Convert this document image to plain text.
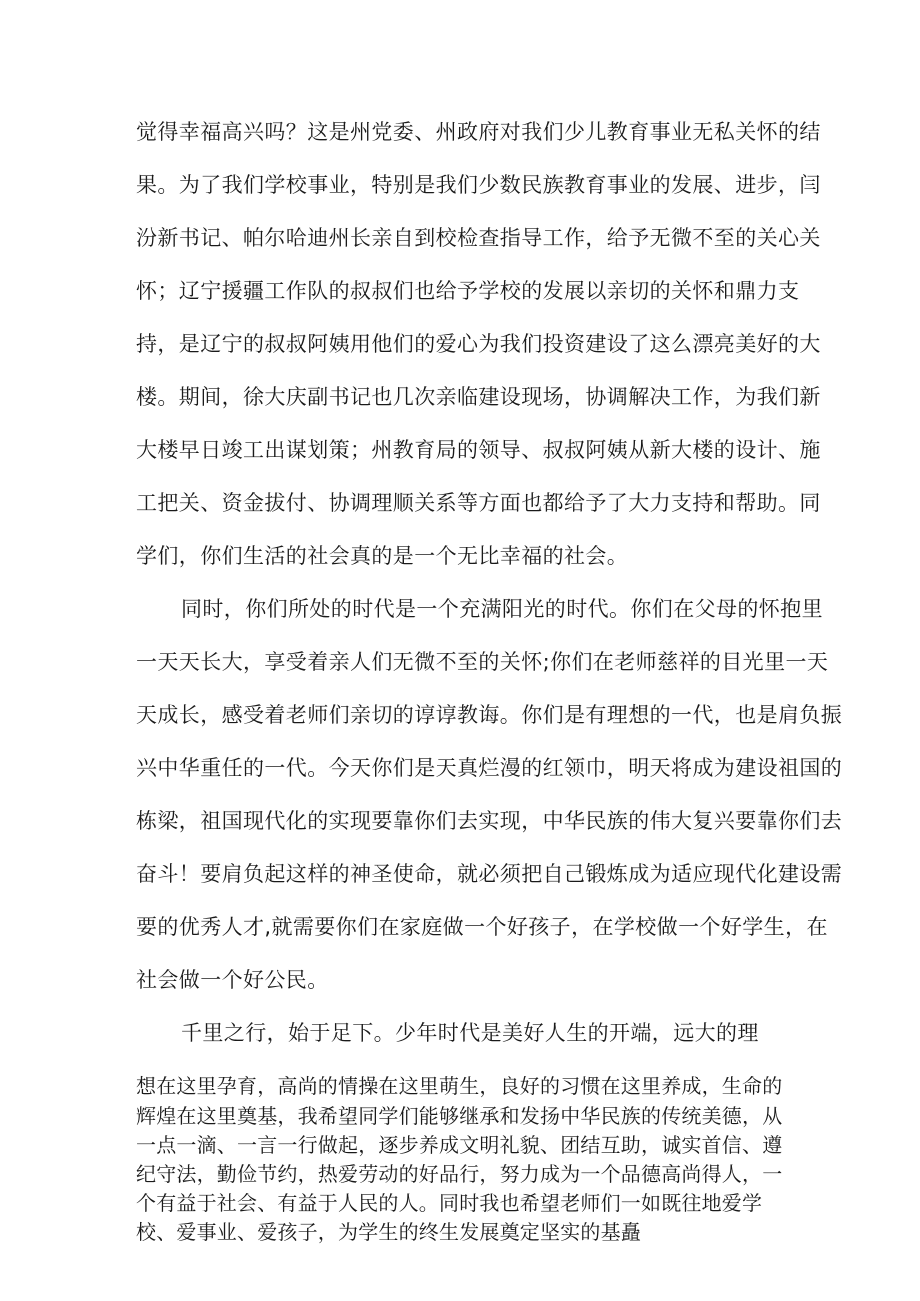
觉得幸福高兴吗？这是州党委、州政府对我们少儿教育事业无私关怀的结
果。为了我们学校事业，特别是我们少数民族教育事业的发展、进步，闫
汾新书记、帕尔哈迪州长亲自到校检查指导工作，给予无微不至的关心关
怀；辽宁援疆工作队的叔叔们也给予学校的发展以亲切的关怀和鼎力支
持，是辽宁的叔叔阿姨用他们的爱心为我们投资建设了这么漂亮美好的大
楼。期间，徐大庆副书记也几次亲临建设现场，协调解决工作，为我们新
大楼早日竣工出谋划策；州教育局的领导、叔叔阿姨从新大楼的设计、施
工把关、资金拔付、协调理顺关系等方面也都给予了大力支持和帮助。同
学们，你们生活的社会真的是一个无比幸福的社会。
同时，你们所处的时代是一个充满阳光的时代。你们在父母的怀抱里
一天天长大，享受着亲人们无微不至的关怀;你们在老师慈祥的目光里一天
天成长，感受着老师们亲切的谆谆教诲。你们是有理想的一代，也是肩负振
兴中华重任的一代。今天你们是天真烂漫的红领巾，明天将成为建设祖国的
栋梁，祖国现代化的实现要靠你们去实现，中华民族的伟大复兴要靠你们去
奋斗！要肩负起这样的神圣使命，就必须把自己锻炼成为适应现代化建设需
要的优秀人才,就需要你们在家庭做一个好孩子，在学校做一个好学生，在
社会做一个好公民。
千里之行，始于足下。少年时代是美好人生的开端，远大的理
想在这里孕育，高尚的情操在这里萌生，良好的习惯在这里养成，生命的
辉煌在这里奠基，我希望同学们能够继承和发扬中华民族的传统美德，从
一点一滴、一言一行做起，逐步养成文明礼貌、团结互助，诚实首信、遵
纪守法，勤俭节约，热爱劳动的好品行，努力成为一个品德高尚得人，一
个有益于社会、有益于人民的人。同时我也希望老师们一如既往地爱学
校、爱事业、爱孩子，为学生的终生发展奠定坚实的基矗
